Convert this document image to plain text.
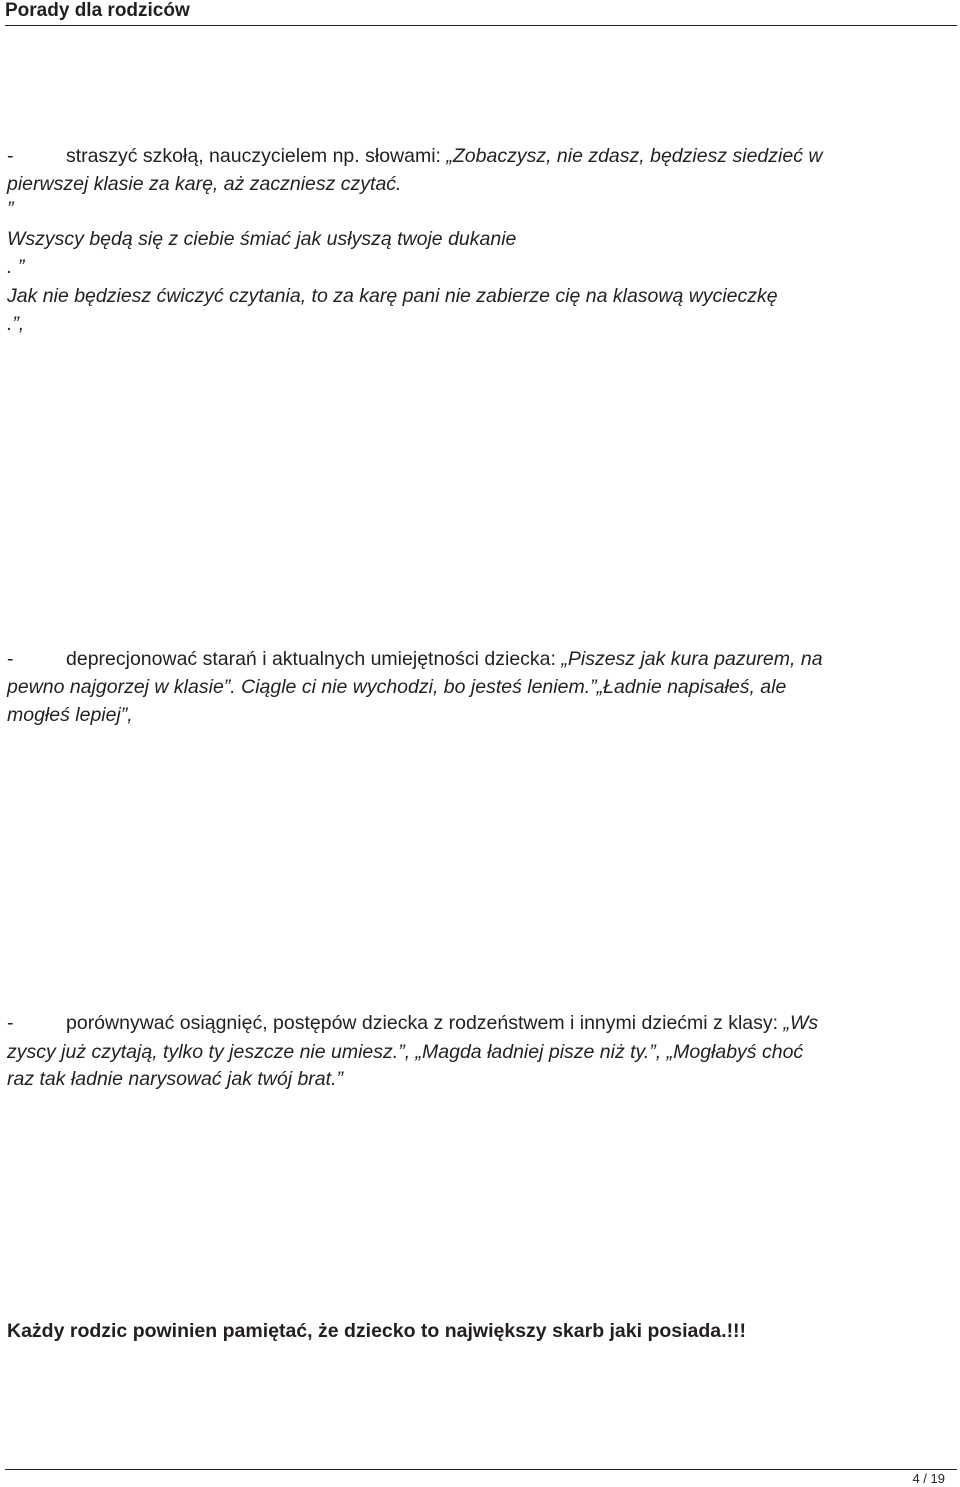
Porady dla rodziców
-	straszyć szkołą, nauczycielem np. słowami: „Zobaczysz, nie zdasz, będziesz siedzieć w
pierwszej klasie za karę, aż zaczniesz czytać.
”
Wszyscy będą się z ciebie śmiać jak usłyszą twoje dukanie
. ”
Jak nie będziesz ćwiczyć czytania, to za karę pani nie zabierze cię na klasową wycieczkę
.”,
-	deprecjonować starań i aktualnych umiejętności dziecka: „Piszesz jak kura pazurem, na
pewno najgorzej w klasie”. Ciągle ci nie wychodzi, bo jesteś leniem.”„Ładnie napisałeś, ale
mogłeś lepiej”,
-	porównywać osiągnięć, postępów dziecka z rodzeństwem i innymi dziećmi z klasy: „Ws
zyscy już czytają, tylko ty jeszcze nie umiesz.”, „Magda ładniej pisze niż ty.”, „Mogłabyś choć
raz tak ładnie narysować jak twój brat.”
Każdy rodzic powinien pamiętać, że dziecko to największy skarb jaki posiada.!!!
4 / 19
